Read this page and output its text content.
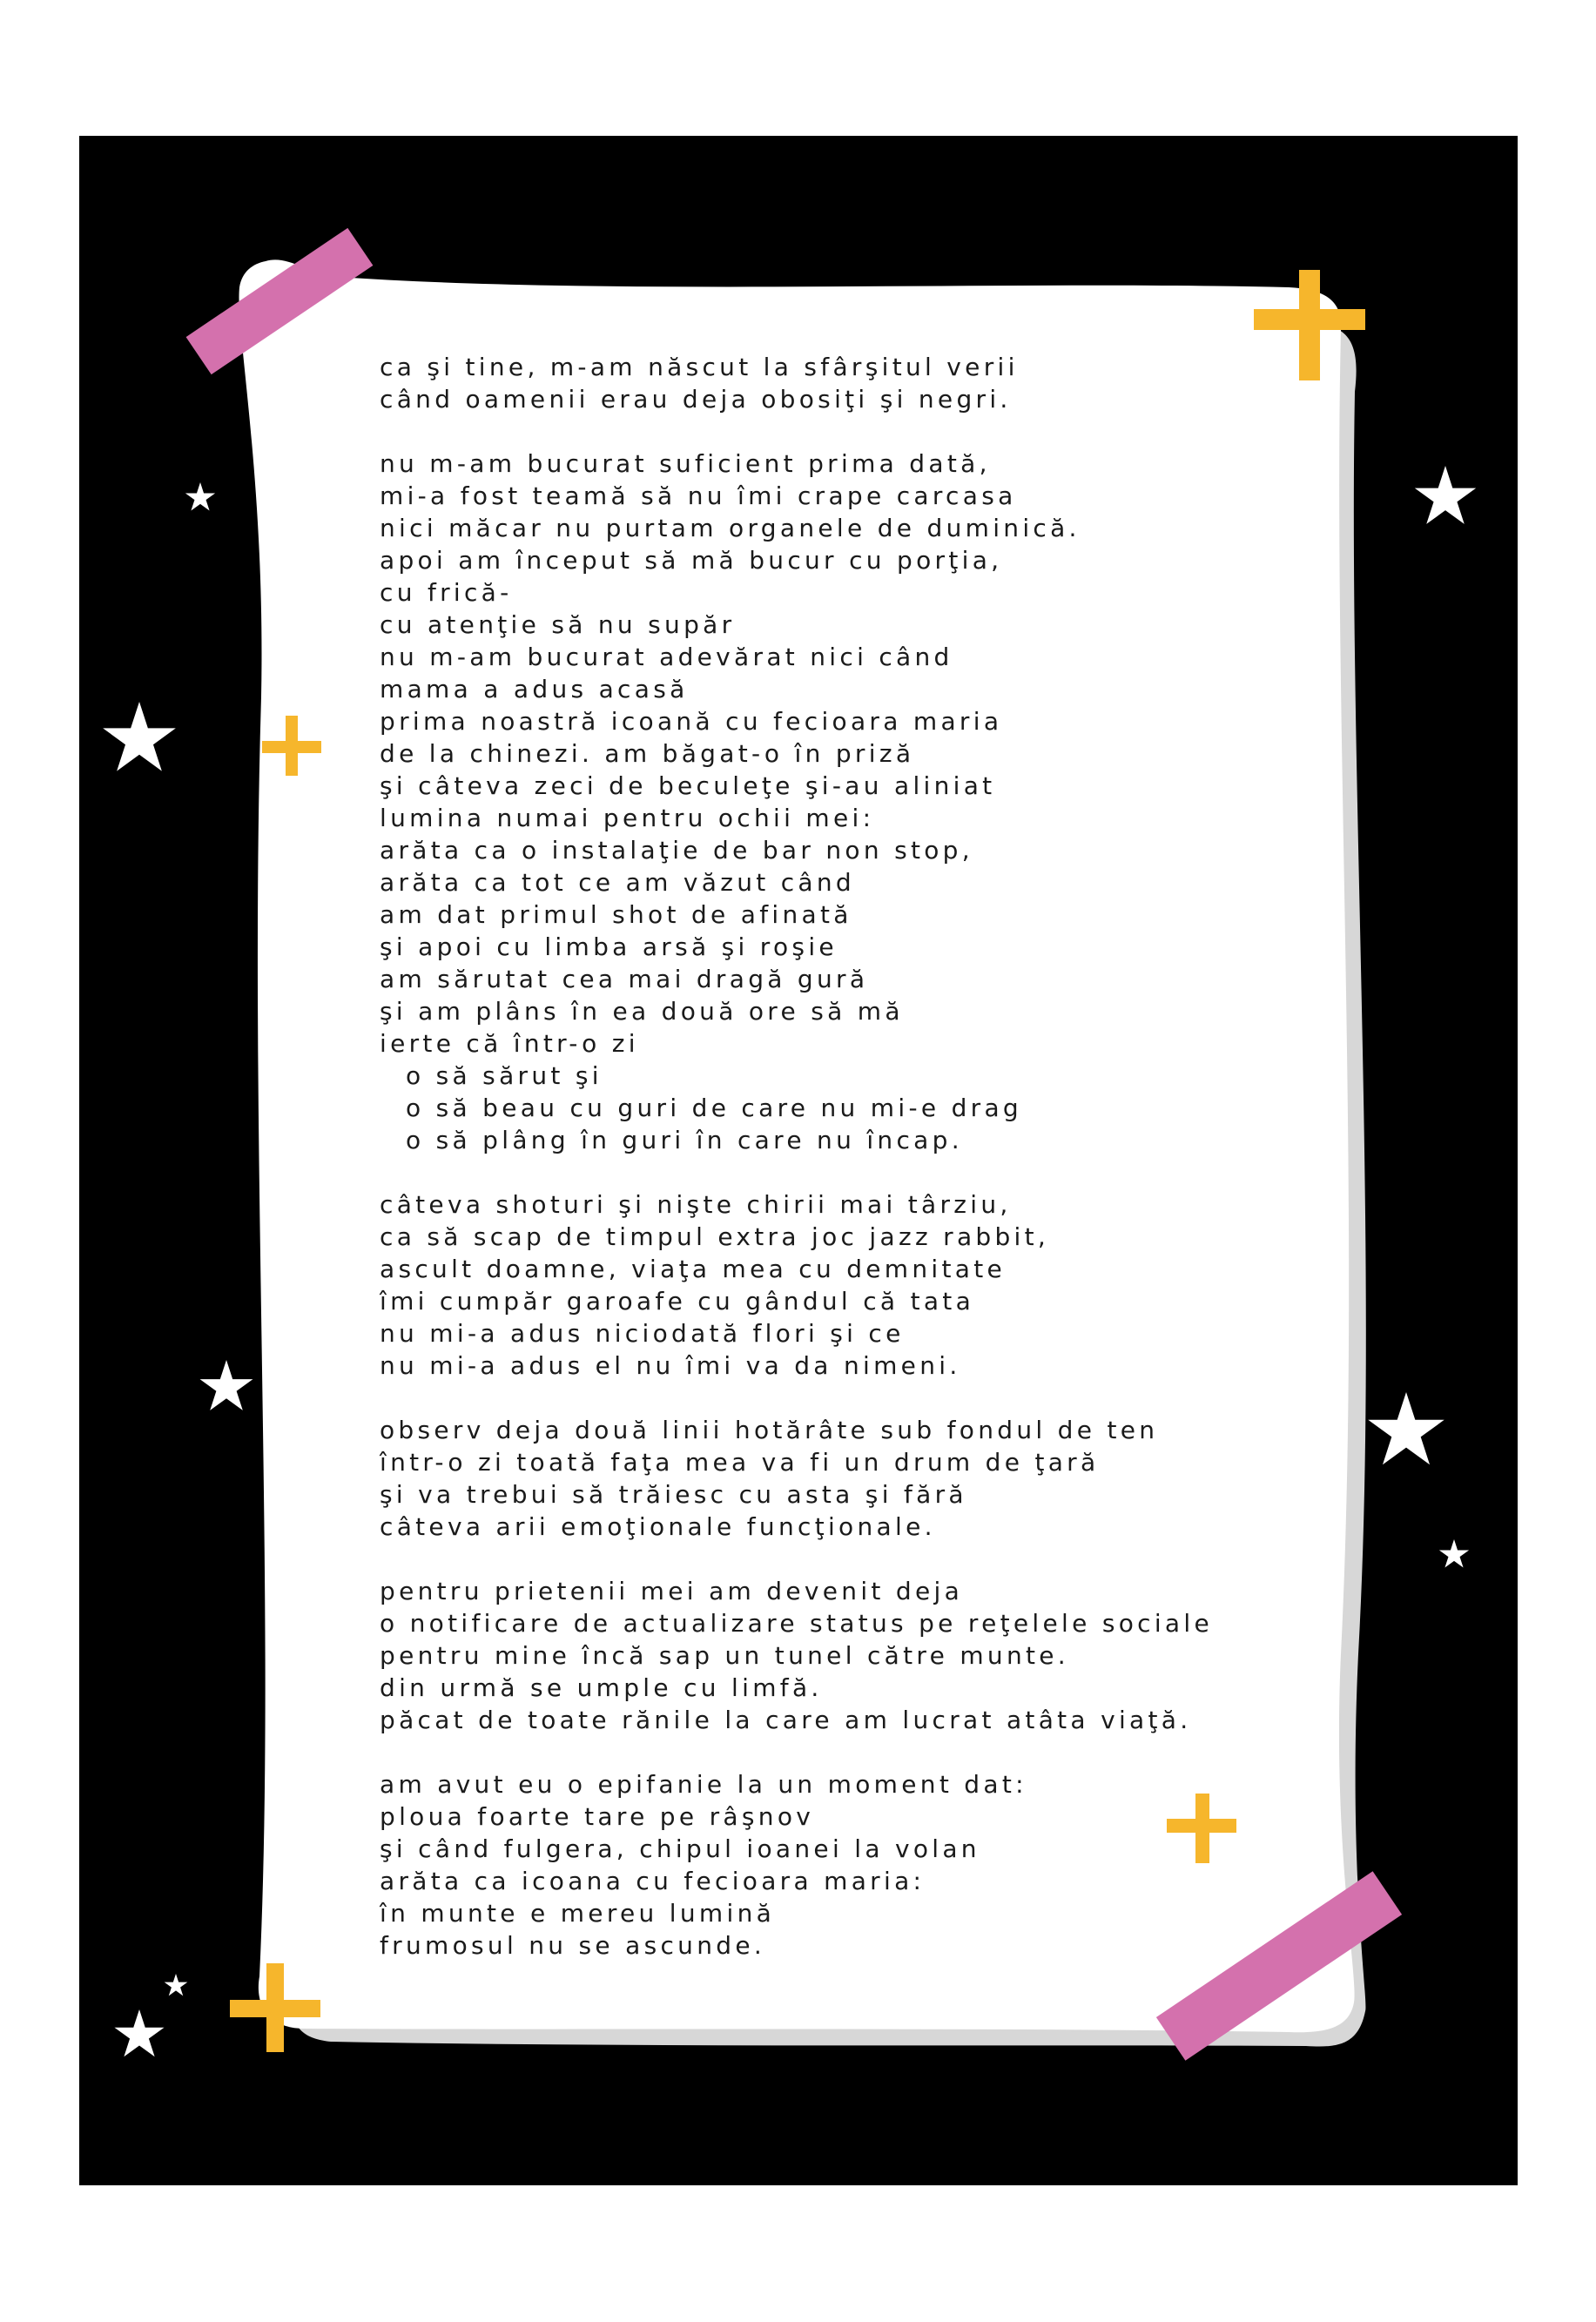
ca şi tine, m-am născut la sfârşitul verii
când oamenii erau deja obosiţi şi negri.
nu m-am bucurat suficient prima dată,
mi-a fost teamă să nu îmi crape carcasa
nici măcar nu purtam organele de duminică.
apoi am început să mă bucur cu porţia,
cu frică-
cu atenţie să nu supăr
nu m-am bucurat adevărat nici când
mama a adus acasă
prima noastră icoană cu fecioara maria
de la chinezi. am băgat-o în priză
şi câteva zeci de beculeţe şi-au aliniat
lumina numai pentru ochii mei:
arăta ca o instalaţie de bar non stop,
arăta ca tot ce am văzut când
am dat primul shot de afinată
şi apoi cu limba arsă şi roşie
am sărutat cea mai dragă gură
şi am plâns în ea două ore să mă
ierte că într-o zi
o să sărut şi
o să beau cu guri de care nu mi-e drag
o să plâng în guri în care nu încap.
câteva shoturi şi nişte chirii mai târziu,
ca să scap de timpul extra joc jazz rabbit,
ascult doamne, viaţa mea cu demnitate
îmi cumpăr garoafe cu gândul că tata
nu mi-a adus niciodată flori şi ce
nu mi-a adus el nu îmi va da nimeni.
observ deja două linii hotărâte sub fondul de ten
într-o zi toată faţa mea va fi un drum de ţară
şi va trebui să trăiesc cu asta şi fără
câteva arii emoţionale funcţionale.
pentru prietenii mei am devenit deja
o notificare de actualizare status pe reţelele sociale
pentru mine încă sap un tunel către munte.
din urmă se umple cu limfă.
păcat de toate rănile la care am lucrat atâta viaţă.
am avut eu o epifanie la un moment dat:
ploua foarte tare pe râşnov
şi când fulgera, chipul ioanei la volan
arăta ca icoana cu fecioara maria:
în munte e mereu lumină
frumosul nu se ascunde.
